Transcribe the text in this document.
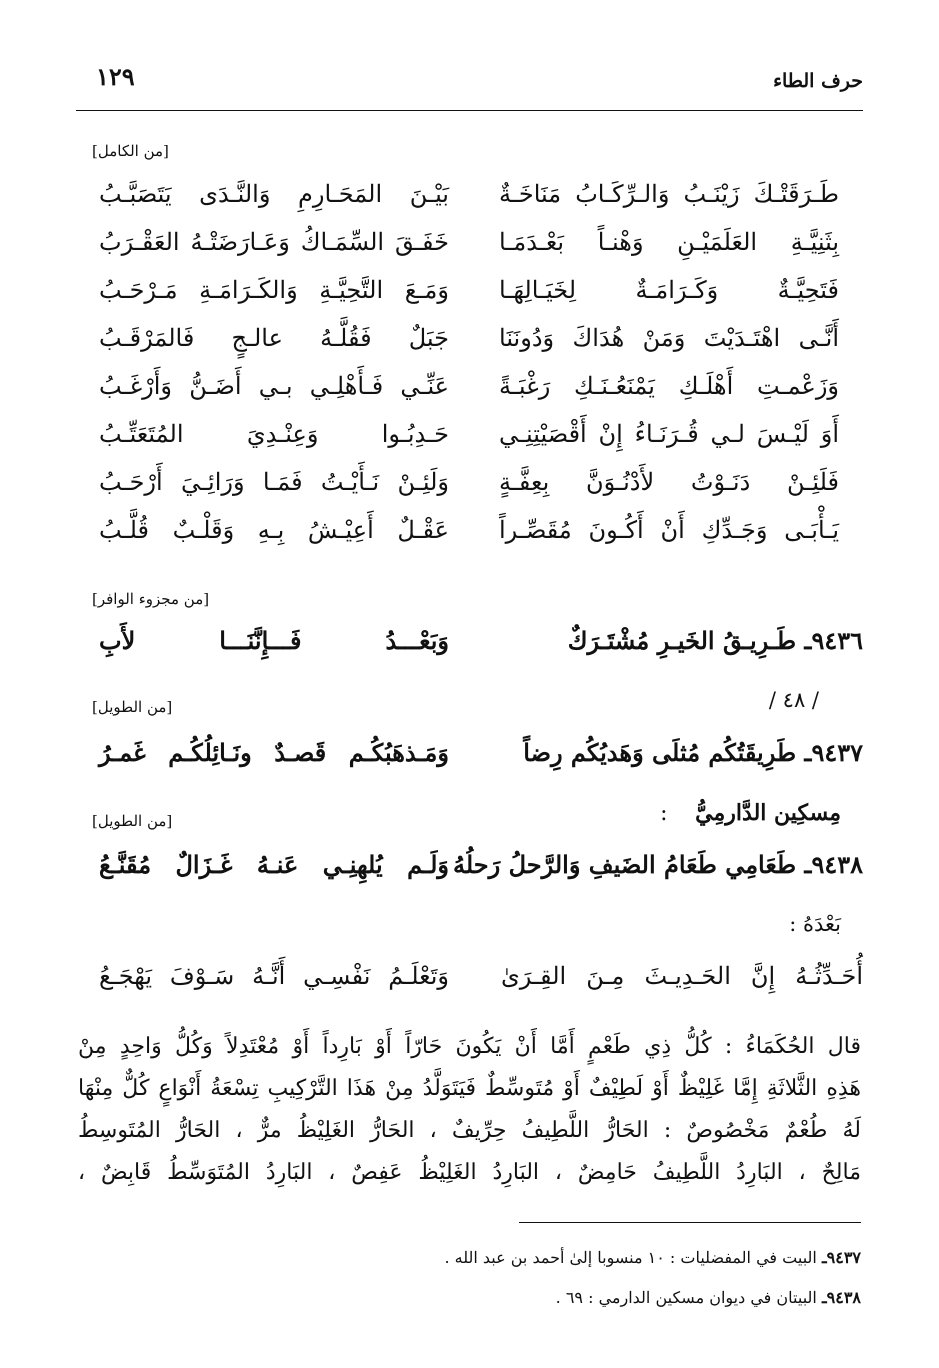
حرف الطاء
١٢٩
[من الكامل]
طَـرَقَتْـكَ زَيْنَـبُ وَالـرِّكَـابُ مَنَاخَـةٌ
بَيْـنَ المَحَـارِمِ وَالنَّـدَى يَتَصَبَّـبُ
بِثَنِيَّـةِ العَلَمَيْـنِ وَهْنـاً بَعْـدَمَـا
خَفَـقَ السِّمَـاكُ وَعَـارَضَتْـهُ العَقْـرَبُ
فَتَحِيَّـةٌ وَكَـرَامَـةٌ لِخَيَـالِهَـا
وَمَـعَ التَّحِيَّـةِ وَالكَـرَامَـةِ مَـرْحَـبُ
أَنَّـى اهْتَـدَيْتَ وَمَنْ هُدَاكَ وَدُونَنَا
جَبَلٌ فَقُلَّـهُ عالـجٍ فَالمَرْقَـبُ
وَزَعْمـتِ أَهْلَـكِ يَمْنَعُـنَـكِ رَغْبَـةً
عَنِّـي فَـأَهْلِـي بـي أَضَـنُّ وَأَرْغَـبُ
أَوَ لَيْـسَ لـي قُـرَنَـاءُ إِنْ أَقْصَيْتِنِـي
حَـدِبُـوا وَعِنْـدِيَ المُتَعَتِّـبُ
فَلَئِـنْ دَنَـوْتُ لأَدْنُـوَنَّ بِعِفَّـةٍ
وَلَئِـنْ نَـأَيْـتُ فَمَـا وَرَائِـيَ أَرْحَـبُ
يَـأْبَـى وَجَـدِّكِ أَنْ أَكُـونَ مُقَصِّـراً
عَقْـلٌ أَعِيْـشُ بِـهِ وَقَلْـبٌ قُلَّـبُ
[من مجزوء الوافر]
٩٤٣٦ـ طَـرِيـقُ الخَيـرِ مُشْتَـرَكٌ
وَبَعْـــدُ فَـــإِنَّنَـــا لأَبِ
/ ٤٨ /
[من الطويل]
٩٤٣٧ـ طَرِيقَتُكُم مُثلَى وَهَديُكُم رِضاً
وَمَـذهَبُكُـم قَصـدٌ ونَـائِلُكُـم غَمـرُ
مِسكِين الدَّارمِيُّ :
[من الطويل]
٩٤٣٨ـ طَعَامِي طَعَامُ الضَيفِ وَالرَّحلُ رَحلُهُ
وَلَـم يُلهِنِـي عَنـهُ غَـزَالٌ مُقَنَّـعُ
بَعْدَهُ :
أُحَـدِّثُـهُ إِنَّ الحَـدِيـثَ مِـنَ القِـرَىٰ
وَتَعْلَـمُ نَفْسِـي أَنَّـهُ سَـوْفَ يَهْجَـعُ

قال الحُكَمَاءُ : كُلُّ ذِي طَعْمٍ أَمَّا أَنْ يَكُونَ حَارّاً أَوْ بَارِداً أَوْ مُعْتَدِلاً وَكُلُّ وَاحِدٍ مِنْ

هَذِهِ الثَّلاثَةِ إِمَّا غَلِيْظٌ أَوْ لَطِيْفٌ أَوْ مُتَوسِّطٌ فَيَتَوَلَّدُ مِنْ هَذَا التَّرْكِيبِ تِسْعَةُ أَنْوَاعٍ كُلٌّ مِنْهَا

لَهُ طُعْمٌ مَخْصُوصٌ : الحَارُّ اللَّطِيفُ حِرِّيفٌ ، الحَارُّ الغَلِيْظُ مرٌّ ، الحَارُّ المُتَوسِطُ

مَالِحٌ ، البَارِدُ اللَّطِيفُ حَامِضٌ ، البَارِدُ الغَلِيْظُ عَفِصٌ ، البَارِدُ المُتَوَسِّطُ قَابِضٌ ،

٩٤٣٧ـ البيت في المفضليات : ١٠ منسوبا إلىٰ أحمد بن عبد الله .
٩٤٣٨ـ البيتان في ديوان مسكين الدارمي : ٦٩ .
